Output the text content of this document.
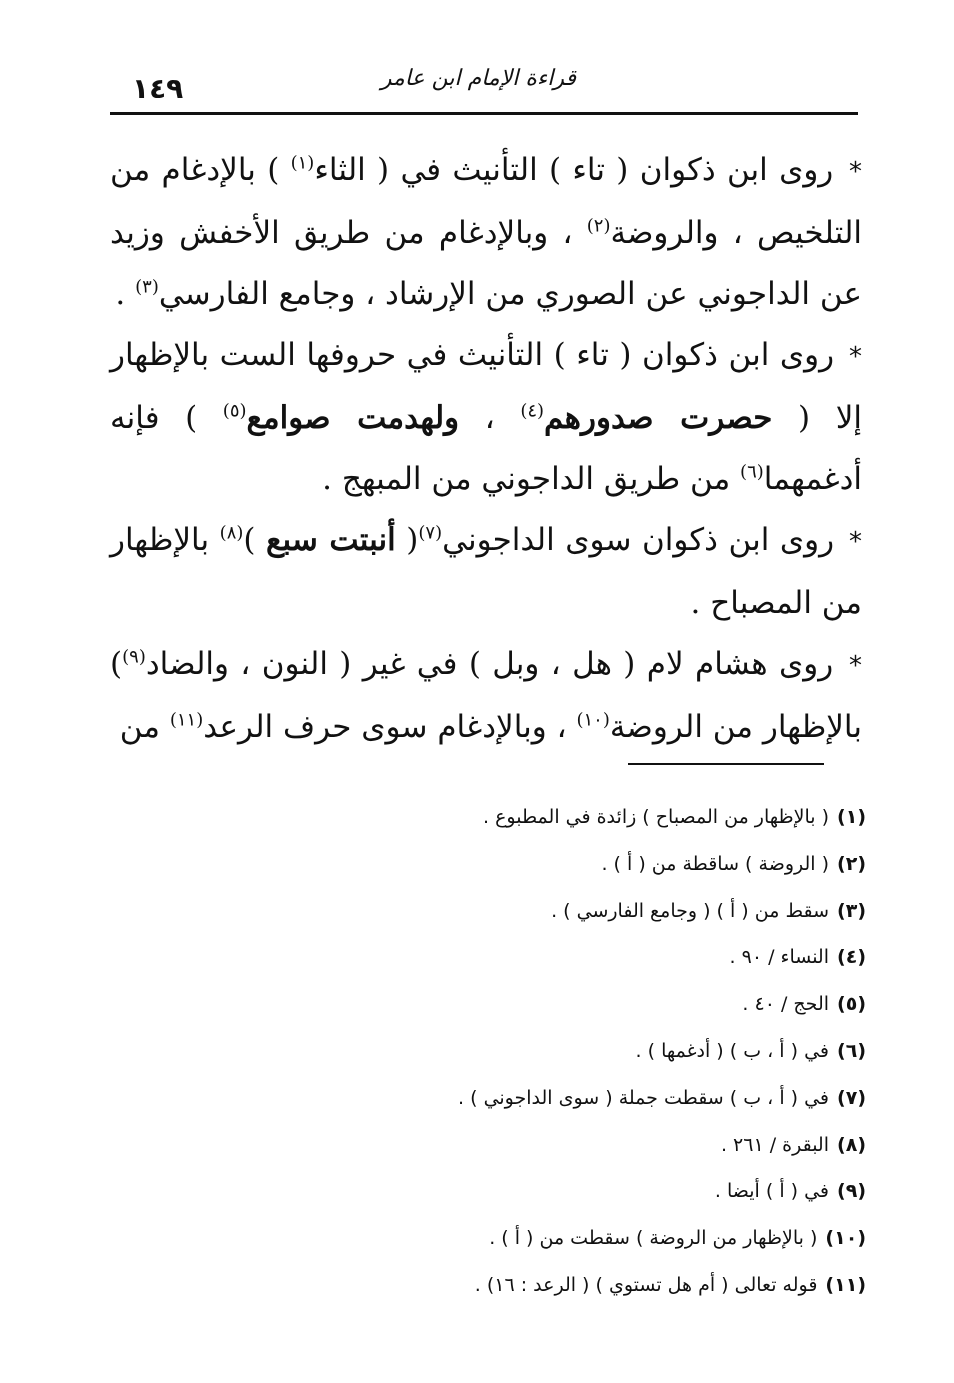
١٤٩	قراءة الإمام ابن عامر

* روى ابن ذكوان ( تاء ) التأنيث في ( الثاء$^{(١)}$ ) بالإدغام من التلخيص ، والروضة$^{(٢)}$ ، وبالإدغام من طريق الأخفش وزيد عن الداجوني عن الصوري من الإرشاد ، وجامع الفارسي$^{(٣)}$ .

* روى ابن ذكوان ( تاء ) التأنيث في حروفها الست بالإظهار إلا ( حصرت صدورهم$^{(٤)}$ ، ولهدمت صوامع$^{(٥)}$ ) فإنه أدغمهما$^{(٦)}$ من طريق الداجوني من المبهج .

* روى ابن ذكوان سوى الداجوني$^{(٧)}$( أنبتت سبع )$^{(٨)}$ بالإظهار من المصباح .

* روى هشام لام ( هل ، وبل ) في غير ( النون ، والضاد$^{(٩)}$) بالإظهار من الروضة$^{(١٠)}$ ، وبالإدغام سوى حرف الرعد$^{(١١)}$ من

(١)( بالإظهار من المصباح ) زائدة في المطبوع .
(٢)( الروضة ) ساقطة من ( أ ) .
(٣)سقط من ( أ ) ( وجامع الفارسي ) .
(٤)النساء / ٩٠ .
(٥)الحج / ٤٠ .
(٦)في ( أ ، ب ) ( أدغمها ) .
(٧)في ( أ ، ب ) سقطت جملة ( سوى الداجوني ) .
(٨)البقرة / ٢٦١ .
(٩)في ( أ ) أيضا .
(١٠)( بالإظهار من الروضة ) سقطت من ( أ ) .
(١١)قوله تعالى ( أم هل تستوي ) ( الرعد : ١٦) .
